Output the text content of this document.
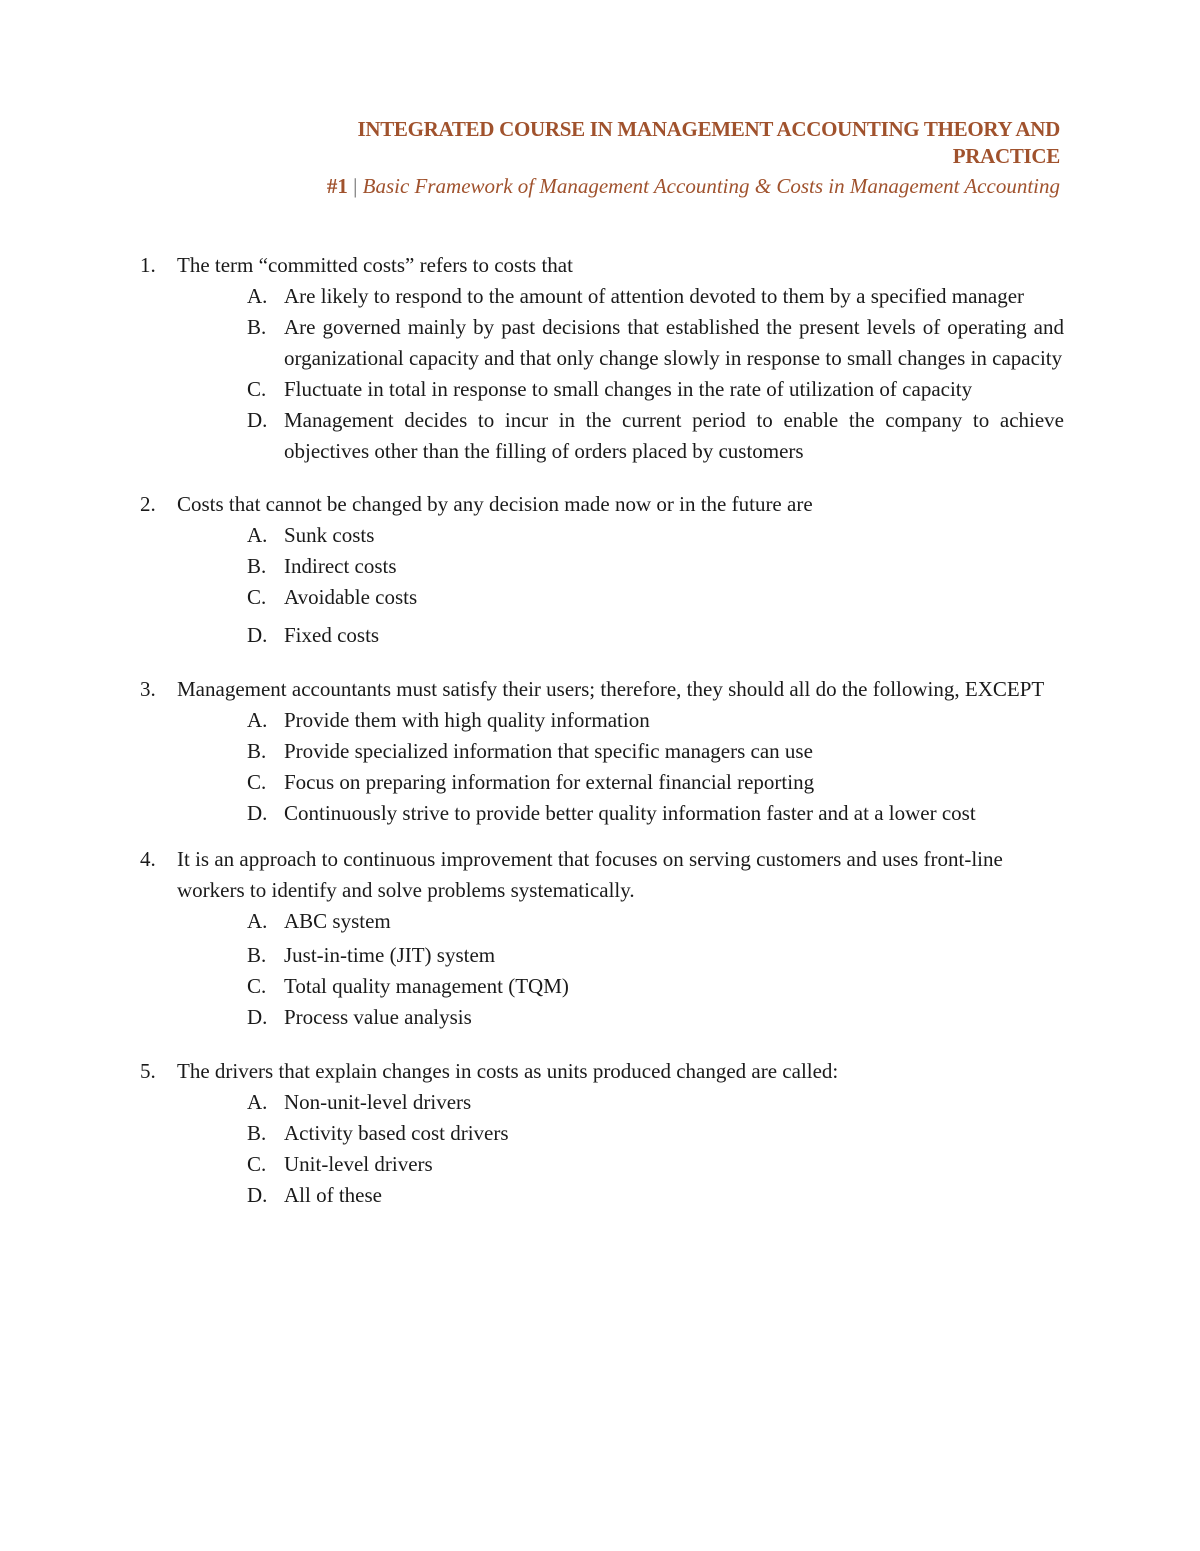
INTEGRATED COURSE IN MANAGEMENT ACCOUNTING THEORY AND
PRACTICE
#1 | Basic Framework of Management Accounting & Costs in Management Accounting
1.	The term “committed costs” refers to costs that
A. Are likely to respond to the amount of attention devoted to them by a specified manager
B. Are governed mainly by past decisions that established the present levels of operating and organizational capacity and that only change slowly in response to small changes in capacity
C. Fluctuate in total in response to small changes in the rate of utilization of capacity
D. Management decides to incur in the current period to enable the company to achieve objectives other than the filling of orders placed by customers
2.	Costs that cannot be changed by any decision made now or in the future are
A. Sunk costs
B. Indirect costs
C. Avoidable costs
D. Fixed costs
3.	Management accountants must satisfy their users; therefore, they should all do the following, EXCEPT
A. Provide them with high quality information
B. Provide specialized information that specific managers can use
C. Focus on preparing information for external financial reporting
D. Continuously strive to provide better quality information faster and at a lower cost
4.	It is an approach to continuous improvement that focuses on serving customers and uses front-line workers to identify and solve problems systematically.
A. ABC system
B. Just-in-time (JIT) system
C. Total quality management (TQM)
D. Process value analysis
5.	The drivers that explain changes in costs as units produced changed are called:
A. Non-unit-level drivers
B. Activity based cost drivers
C. Unit-level drivers
D. All of these
